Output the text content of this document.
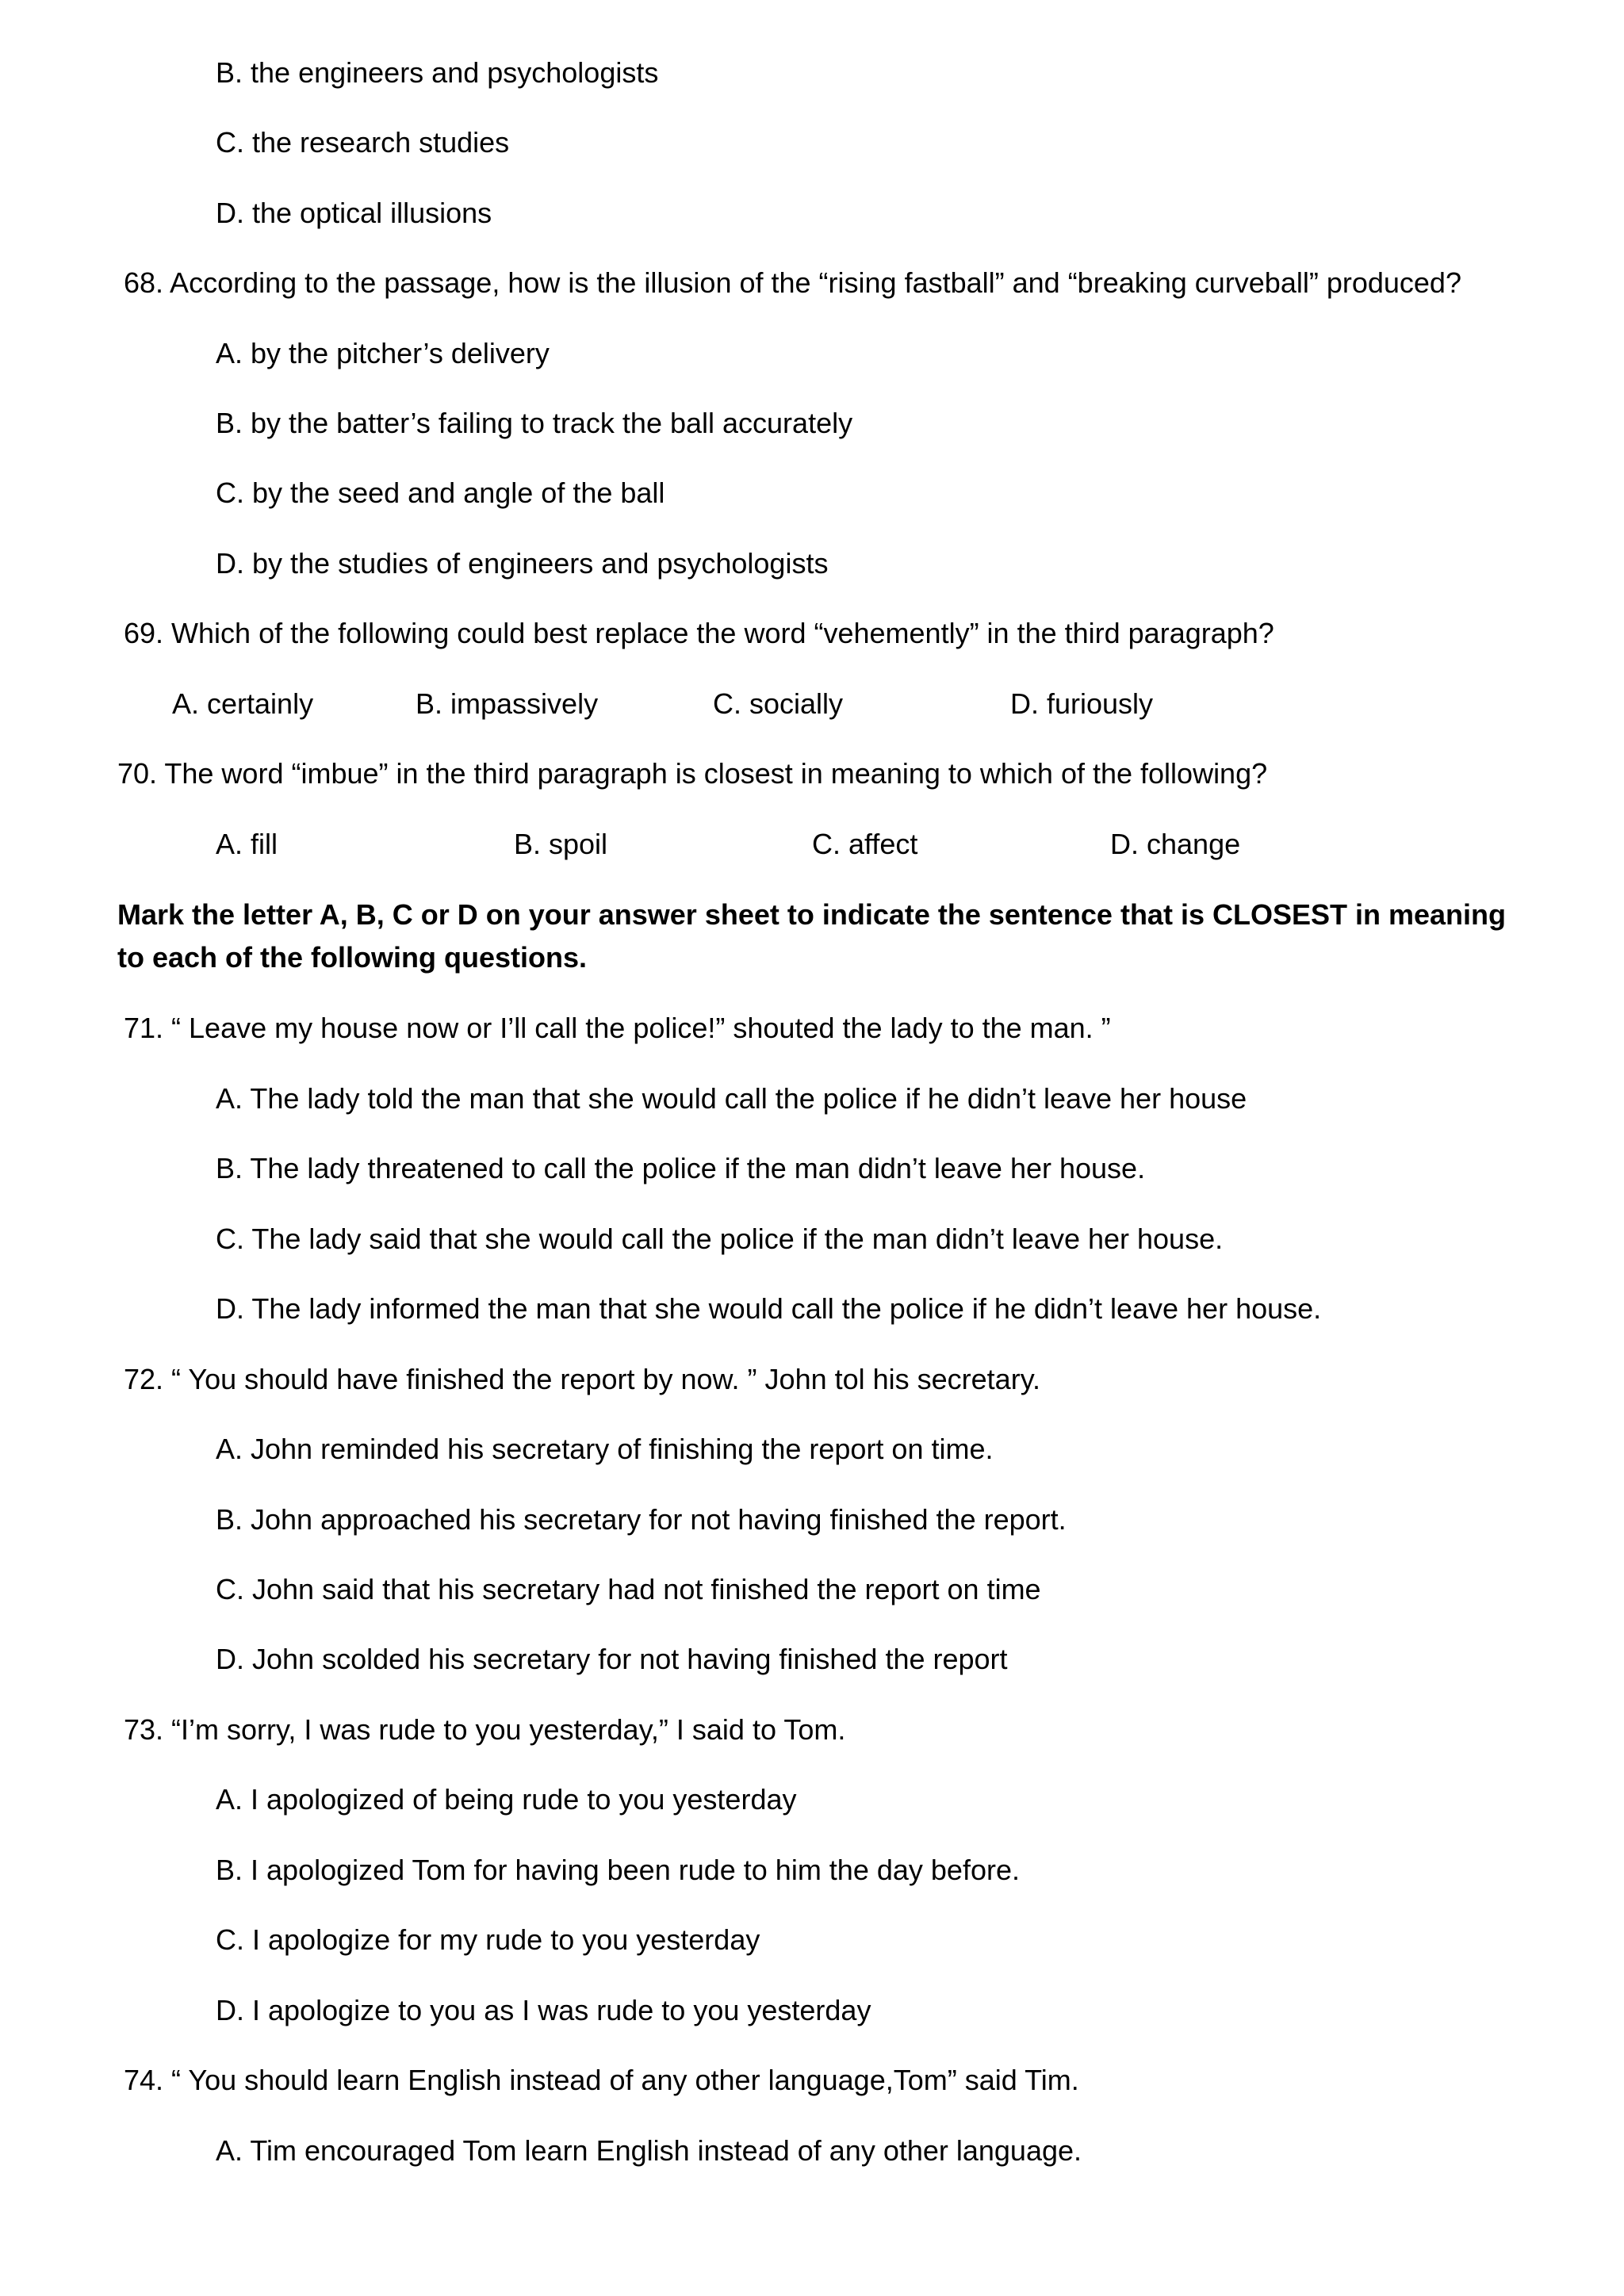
B. the engineers and psychologists
C. the research studies
D. the optical illusions
68. According to the passage, how is the illusion of the “rising fastball” and “breaking curveball” produced?
A. by the pitcher’s delivery
B. by the batter’s failing to track the ball accurately
C. by the seed and angle of the ball
D. by the studies of engineers and psychologists
69. Which of the following could best replace the word “vehemently” in the third paragraph?
A. certainly	B. impassively	C. socially	D. furiously
70. The word “imbue” in the third paragraph is closest in meaning to which of the following?
A. fill	B. spoil	C. affect	D. change
Mark the letter A, B, C or D on your answer sheet to indicate the sentence that is CLOSEST in meaning to each of the following questions.
71. “ Leave my house now or I’ll call the police!” shouted the lady to the man. ”
A. The lady told the man that she would call the police if he didn’t leave her house
B. The lady threatened to call the police if the man didn’t leave her house.
C. The lady said that she would call the police if the man didn’t leave her house.
D. The lady informed the man that she would call the police if he didn’t leave her house.
72. “ You should have finished the report by now. ” John tol his secretary.
A. John reminded his secretary of finishing the report on time.
B. John approached his secretary for not having finished the report.
C. John said that his secretary had not finished the report on time
D. John scolded his secretary for not having finished the report
73. “I’m sorry, I was rude to you yesterday,” I said to Tom.
A. I apologized of being rude to you yesterday
B. I apologized Tom for having been rude to him the day before.
C. I apologize for my rude to you yesterday
D. I apologize to you as I was rude to you yesterday
74. “ You should learn English instead of any other language,Tom” said Tim.
A. Tim encouraged Tom learn English instead of any other language.
